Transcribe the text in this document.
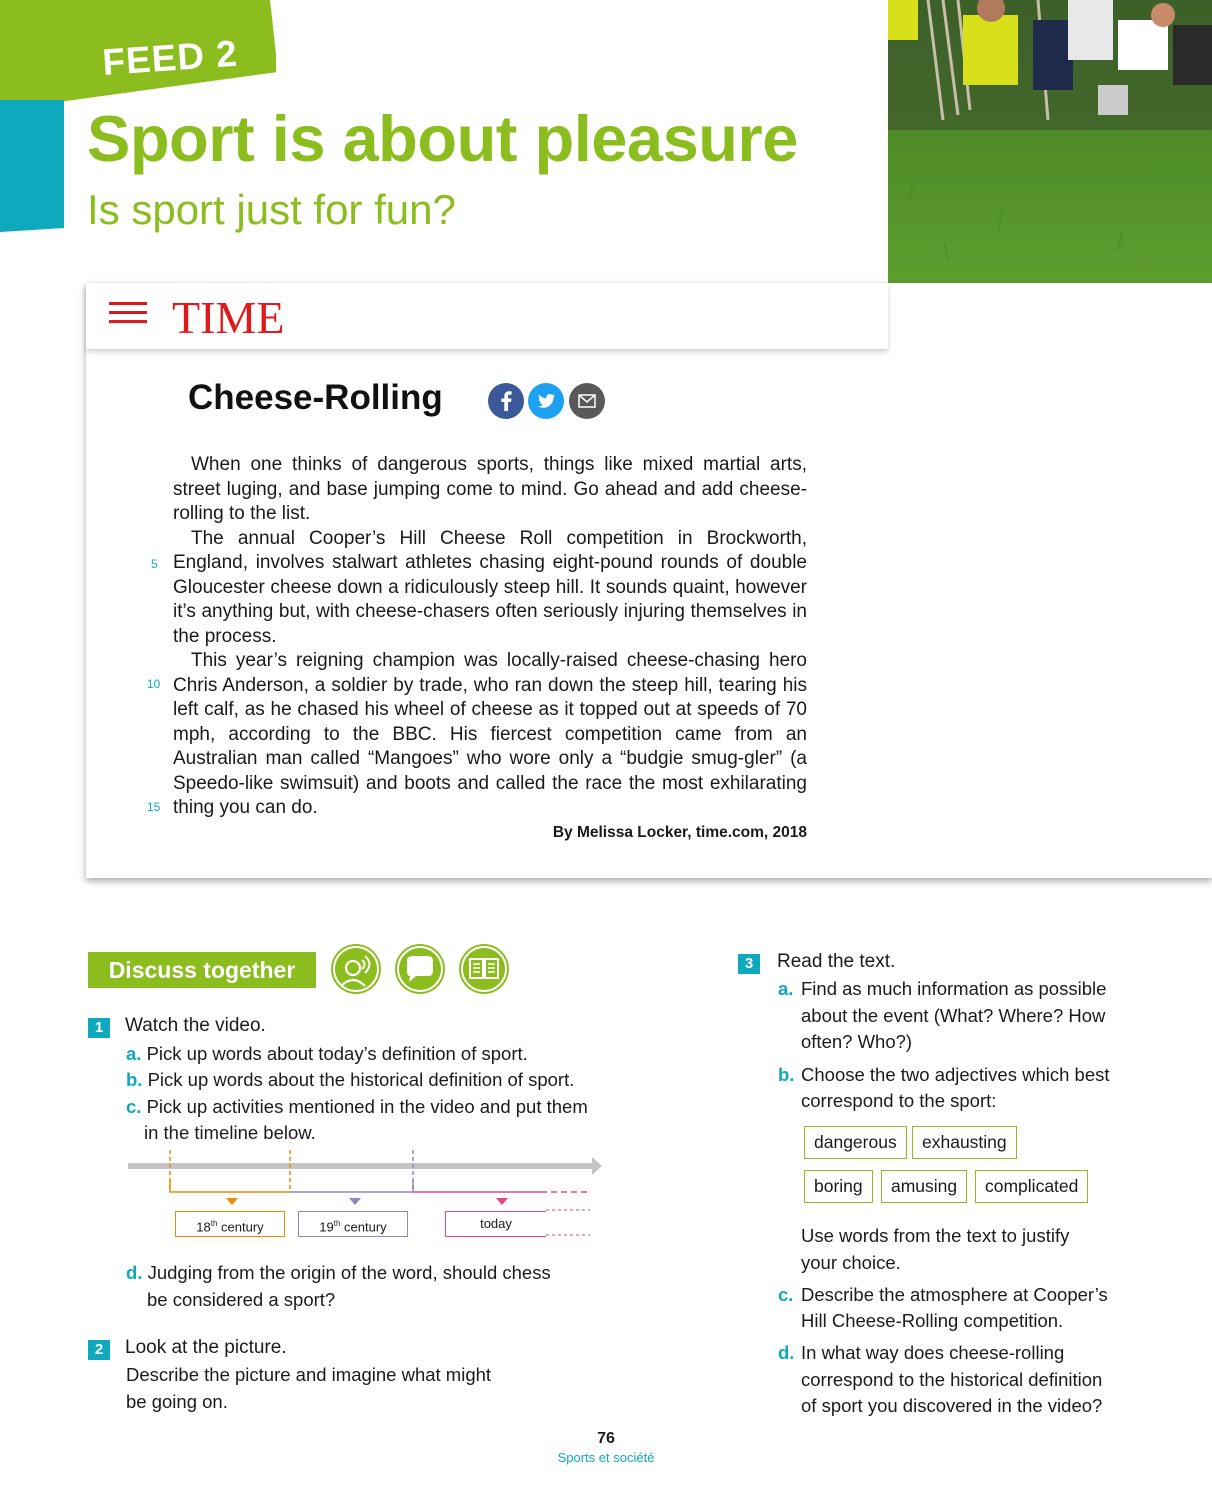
FEED 2
Sport is about pleasure
Is sport just for fun?
TIME
Cheese-Rolling

When one thinks of dangerous sports, things like mixed martial arts, street luging, and base jumping come to mind. Go ahead and add cheese-rolling to the list.

The annual Cooper’s Hill Cheese Roll competition in Brockworth, England, involves stalwart athletes chasing eight-pound rounds of double Gloucester cheese down a ridiculously steep hill. It sounds quaint, however it’s anything but, with cheese-chasers often seriously injuring themselves in the process.

This year’s reigning champion was locally-raised cheese-chasing hero Chris Anderson, a soldier by trade, who ran down the steep hill, tearing his left calf, as he chased his wheel of cheese as it topped out at speeds of 70 mph, according to the BBC. His fiercest competition came from an Australian man called “Mangoes” who wore only a “budgie smug-gler” (a Speedo-like swimsuit) and boots and called the race the most exhilarating thing you can do.

5
10
15
By Melissa Locker, time.com, 2018
Discuss together
1	Watch the video.
a. Pick up words about today’s definition of sport.
b. Pick up words about the historical definition of sport.
c. Pick up activities mentioned in the video and put them
in the timeline below.
18th century	19th century	today
d. Judging from the origin of the word, should chess
be considered a sport?
2	Look at the picture.
Describe the picture and imagine what might
be going on.
3	Read the text.
a. Find as much information as possible
about the event (What? Where? How
often? Who?)
b. Choose the two adjectives which best
correspond to the sport:
dangerous	exhausting
boring	amusing	complicated
Use words from the text to justify
your choice.
c. Describe the atmosphere at Cooper’s
Hill Cheese-Rolling competition.
d. In what way does cheese-rolling
correspond to the historical definition
of sport you discovered in the video?
76
Sports et société
